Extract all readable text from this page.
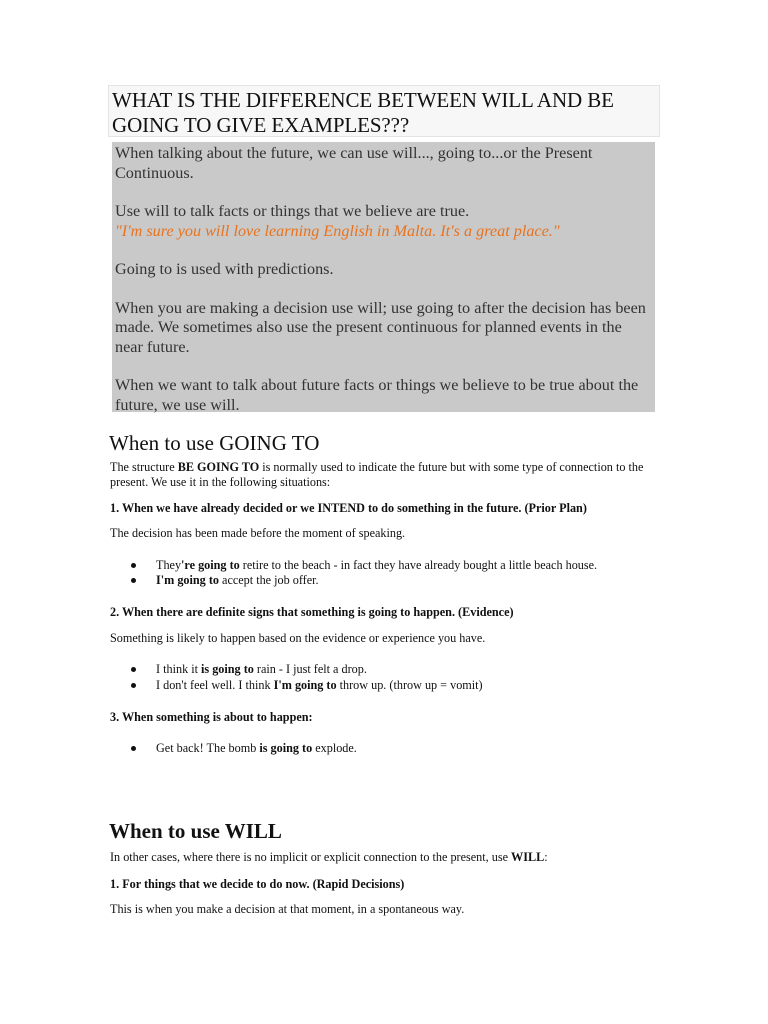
WHAT IS THE DIFFERENCE BETWEEN WILL AND BE GOING TO GIVE EXAMPLES???

When talking about the future, we can use will..., going to...or the Present Continuous.

Use will to talk facts or things that we believe are true.

"I'm sure you will love learning English in Malta. It's a great place."

Going to is used with predictions.

When you are making a decision use will; use going to after the decision has been made. We sometimes also use the present continuous for planned events in the near future.

When we want to talk about future facts or things we believe to be true about the future, we use will.

When to use GOING TO

The structure BE GOING TO is normally used to indicate the future but with some type of connection to the present. We use it in the following situations:

1. When we have already decided or we INTEND to do something in the future. (Prior Plan)

The decision has been made before the moment of speaking.

They're going to retire to the beach - in fact they have already bought a little beach house.
I'm going to accept the job offer.

2. When there are definite signs that something is going to happen. (Evidence)

Something is likely to happen based on the evidence or experience you have.

I think it is going to rain - I just felt a drop.
I don't feel well. I think I'm going to throw up. (throw up = vomit)

3. When something is about to happen:

Get back! The bomb is going to explode.
When to use WILL

In other cases, where there is no implicit or explicit connection to the present, use WILL:

1. For things that we decide to do now. (Rapid Decisions)

This is when you make a decision at that moment, in a spontaneous way.
